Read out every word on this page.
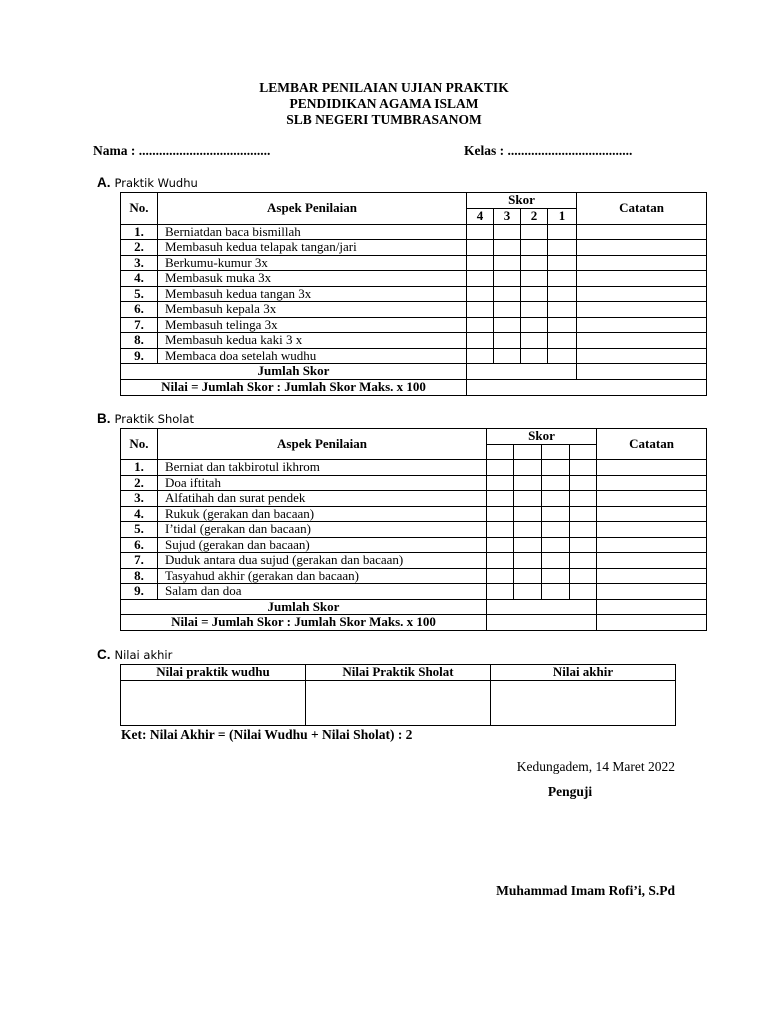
LEMBAR PENILAIAN UJIAN PRAKTIK
PENDIDIKAN AGAMA ISLAM
SLB NEGERI TUMBRASANOM
Nama : .......................................	Kelas : .....................................
A. Praktik Wudhu
No.	Aspek Penilaian	Skor				Catatan
		4	3	2	1	
1.	Berniatdan baca bismillah					
2.	Membasuh kedua telapak tangan/jari					
3.	Berkumu-kumur 3x					
4.	Membasuk muka 3x					
5.	Membasuh kedua tangan 3x					
6.	Membasuh kepala 3x					
7.	Membasuh telinga 3x					
8.	Membasuh kedua kaki 3 x					
9.	Membaca doa setelah wudhu					
Jumlah Skor						
Nilai = Jumlah Skor : Jumlah Skor Maks. x 100						
B. Praktik Sholat
No.	Aspek Penilaian	Skor				Catatan

1.	Berniat dan takbirotul ikhrom					
2.	Doa iftitah					
3.	Alfatihah dan surat pendek					
4.	Rukuk (gerakan dan bacaan)					
5.	I’tidal (gerakan dan bacaan)					
6.	Sujud (gerakan dan bacaan)					
7.	Duduk antara dua sujud (gerakan dan bacaan)					
8.	Tasyahud akhir (gerakan dan bacaan)					
9.	Salam dan doa					
Jumlah Skor						
Nilai = Jumlah Skor : Jumlah Skor Maks. x 100						
C. Nilai akhir
Nilai praktik wudhu	Nilai Praktik Sholat	Nilai akhir

Ket: Nilai Akhir = (Nilai Wudhu + Nilai Sholat) : 2
Kedungadem, 14 Maret 2022
Penguji
Muhammad Imam Rofi’i, S.Pd
